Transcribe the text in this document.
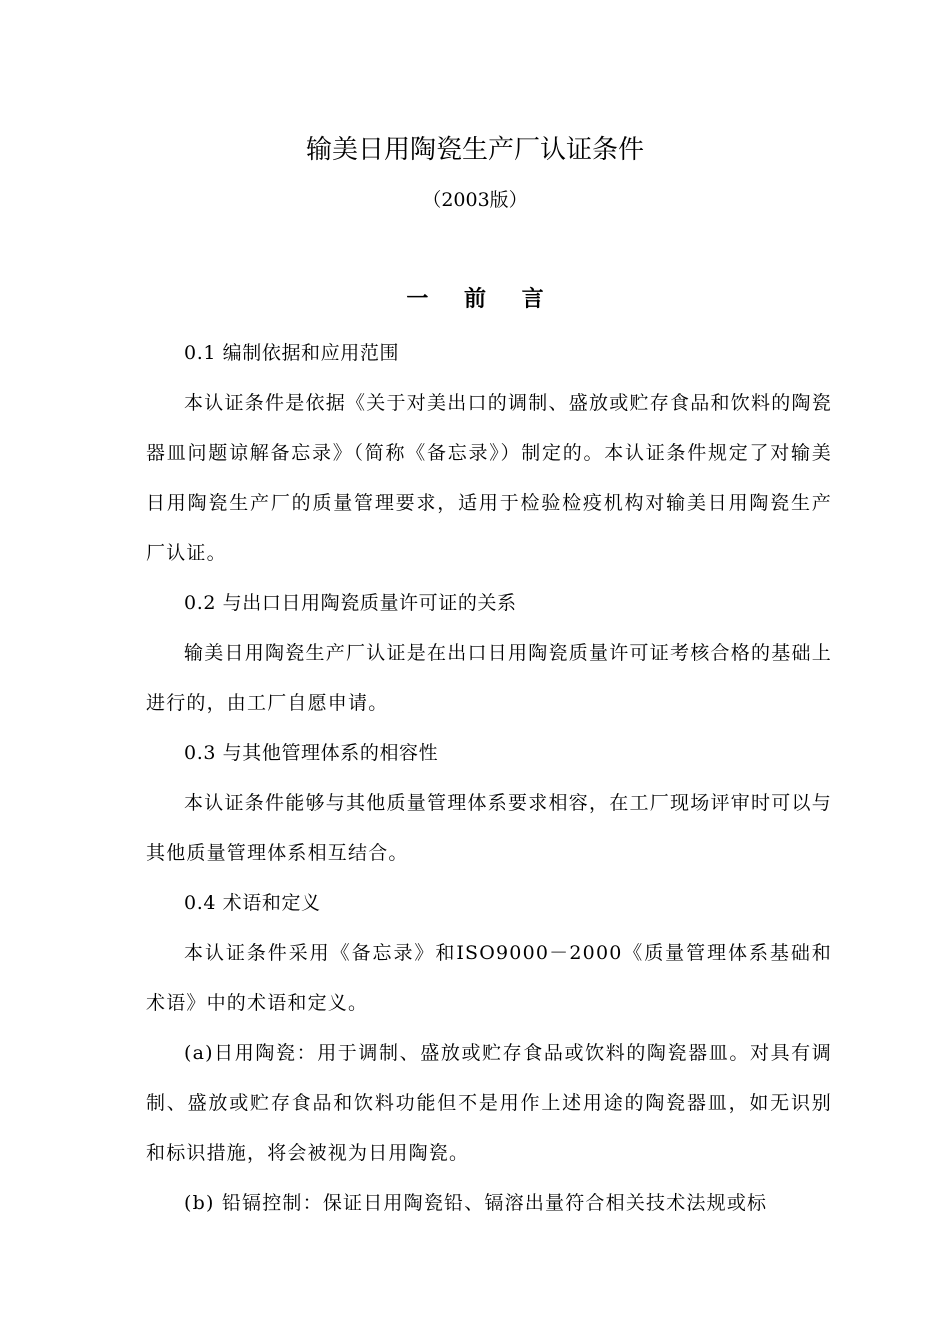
输美日用陶瓷生产厂认证条件
（2003版）
一 前 言

0.1 编制依据和应用范围

本认证条件是依据《关于对美出口的调制、盛放或贮存食品和饮料的陶瓷器皿问题谅解备忘录》（简称《备忘录》）制定的。本认证条件规定了对输美日用陶瓷生产厂的质量管理要求，适用于检验检疫机构对输美日用陶瓷生产厂认证。

0.2 与出口日用陶瓷质量许可证的关系

输美日用陶瓷生产厂认证是在出口日用陶瓷质量许可证考核合格的基础上进行的，由工厂自愿申请。

0.3 与其他管理体系的相容性

本认证条件能够与其他质量管理体系要求相容，在工厂现场评审时可以与其他质量管理体系相互结合。

0.4 术语和定义

本认证条件采用《备忘录》和ISO9000－2000《质量管理体系基础和术语》中的术语和定义。

(a)日用陶瓷：用于调制、盛放或贮存食品或饮料的陶瓷器皿。对具有调制、盛放或贮存食品和饮料功能但不是用作上述用途的陶瓷器皿，如无识别和标识措施，将会被视为日用陶瓷。

(b) 铅镉控制：保证日用陶瓷铅、镉溶出量符合相关技术法规或标
